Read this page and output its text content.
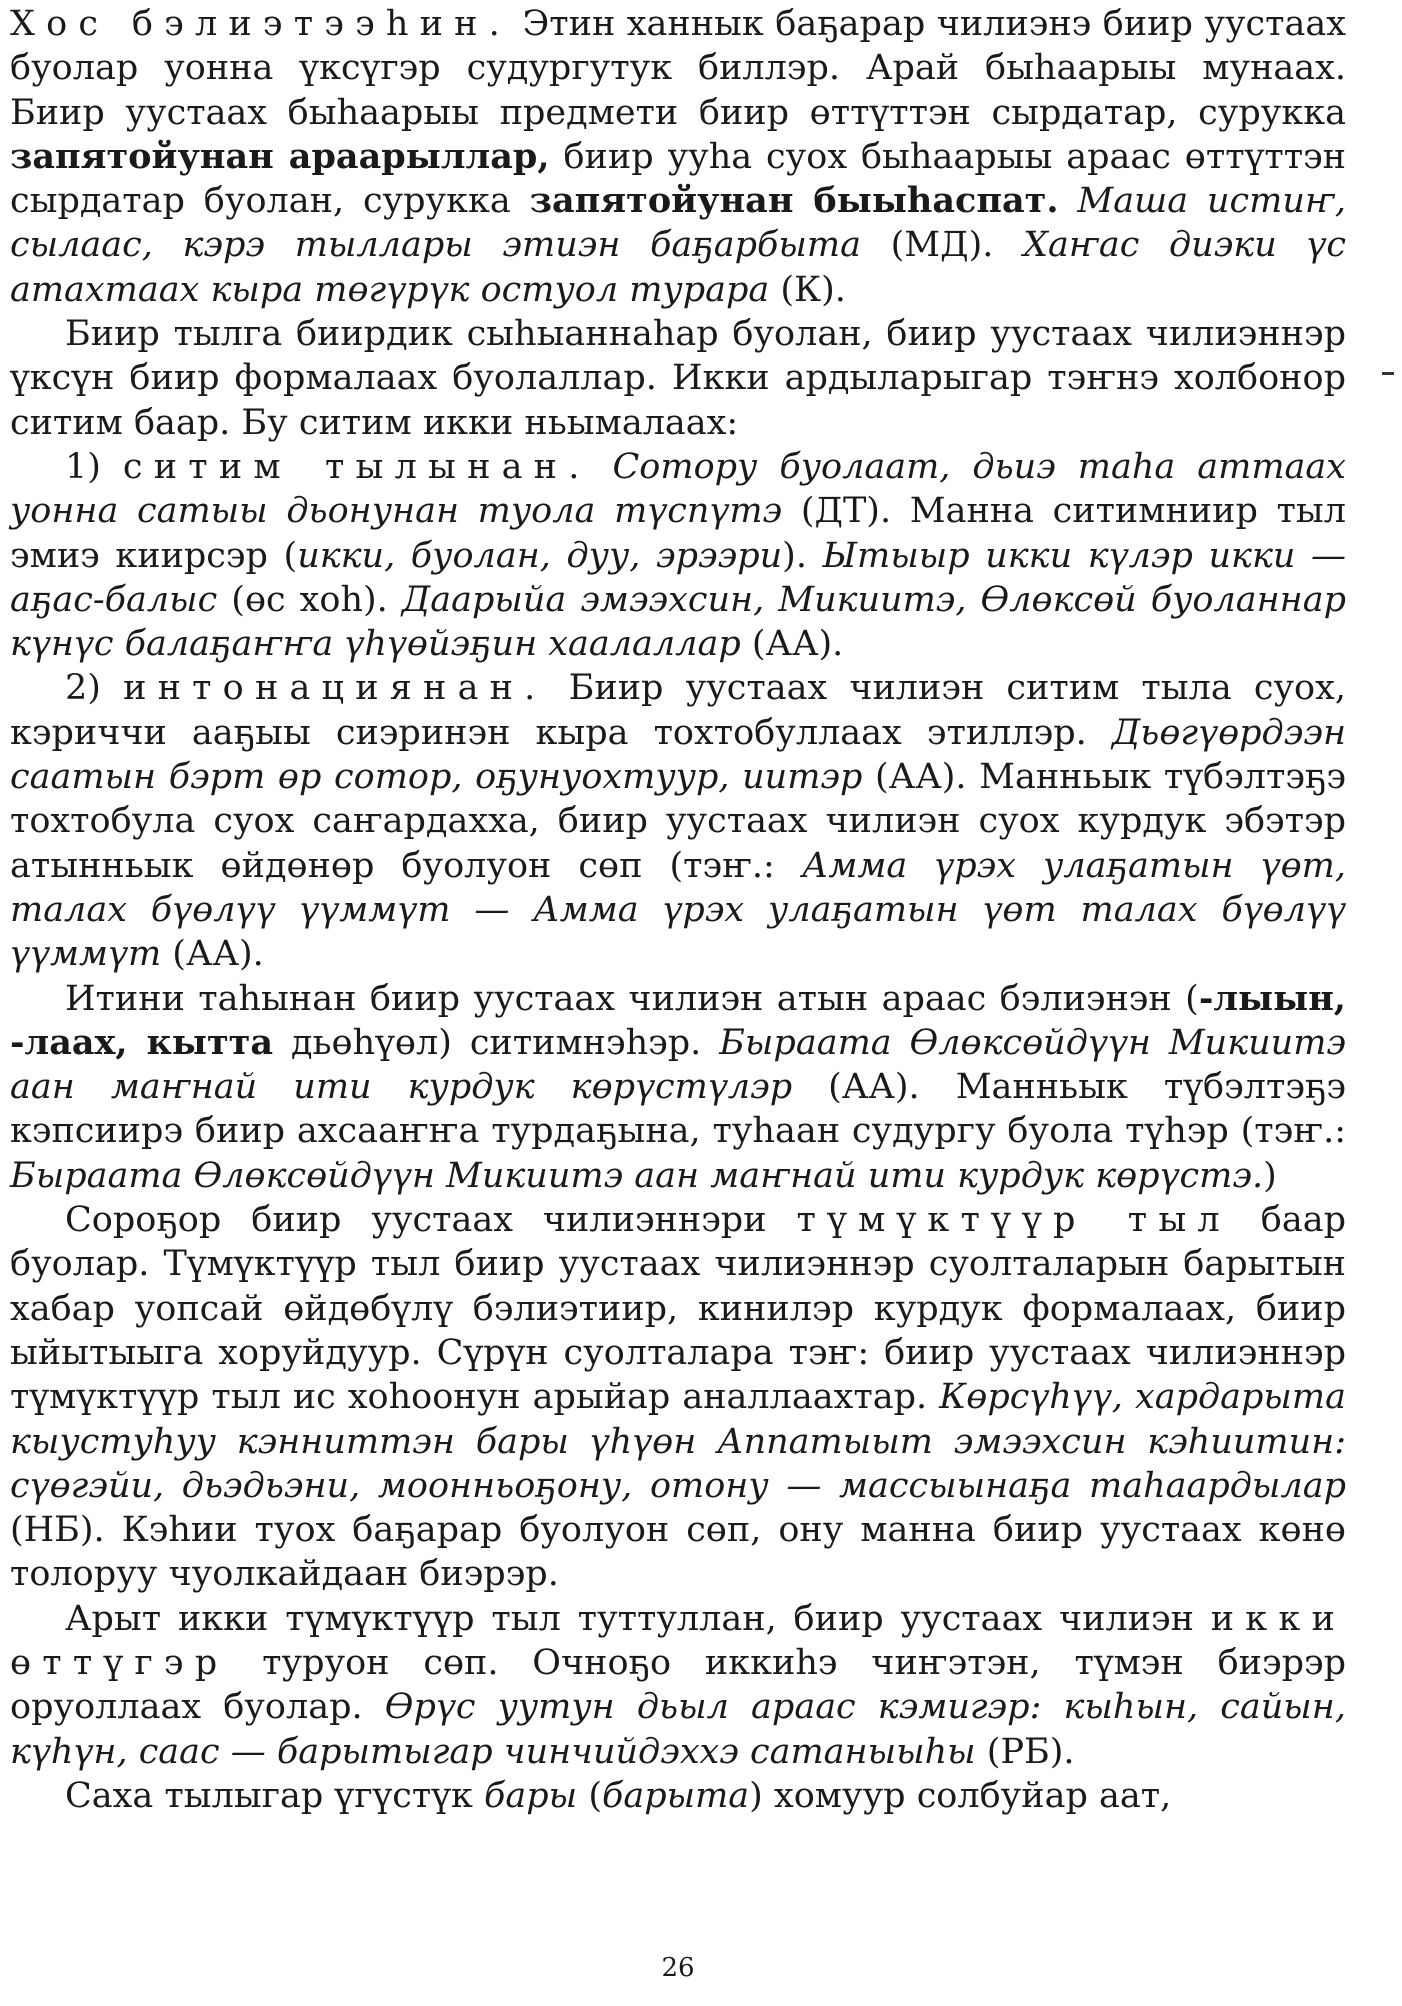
Хос бэлиэтээһин. Этин ханнык баҕарар чилиэнэ биир уустаах буолар уонна үксүгэр судургутук биллэр. Арай быһаарыы мунаах. Биир уустаах быһаарыы предмети биир өттүттэн сырдатар, сурукка запятойунан араарыллар, биир ууһа суох быһаарыы араас өттүттэн сырдатар буолан, сурукка запятойунан быыһаспат. Маша истиҥ, сылаас, кэрэ тыллары этиэн баҕарбыта (МД). Хаҥас диэки үс атахтаах кыра төгүрүк остуол турара (К).

Биир тылга биирдик сыһыаннаһар буолан, биир уустаах чилиэннэр үксүн биир формалаах буолаллар. Икки ардыларыгар тэҥнэ холбонор ситим баар. Бу ситим икки ньымалаах:

1) ситим тылынан. Сотору буолаат, дьиэ таһа аттаах уонна сатыы дьонунан туола түспүтэ (ДТ). Манна ситимниир тыл эмиэ киирсэр (икки, буолан, дуу, эрээри). Ытыыр икки күлэр икки — аҕас-балыс (өс хоһ). Даарыйа эмээхсин, Микиитэ, Өлөксөй буоланнар күнүс балаҕаҥҥа үһүөйэҕин хаалаллар (АА).

2) интонациянан. Биир уустаах чилиэн ситим тыла суох, кэриччи ааҕыы сиэринэн кыра тохтобуллаах этиллэр. Дьөгүөрдээн саатын бэрт өр сотор, оҕунуохтуур, иитэр (АА). Манньык түбэлтэҕэ тохтобула суох саҥардаххa, биир уустаах чилиэн суох курдук эбэтэр атынньык өйдөнөр буолуон сөп (тэҥ.: Амма үрэх улаҕатын үөт, талах бүөлүү үүммүт — Амма үрэх улаҕатын үөт талах бүөлүү үүммүт (АА).

Итини таһынан биир уустаах чилиэн атын араас бэлиэнэн (-лыын, -лаах, кытта дьөһүөл) ситимнэһэр. Быраата Өлөксөйдүүн Микиитэ аан маҥнай ити курдук көрүстүлэр (АА). Манньык түбэлтэҕэ кэпсиирэ биир ахсааҥҥа турдаҕына, туһаан судургу буола түһэр (тэҥ.: Быраата Өлөксөйдүүн Микиитэ аан маҥнай ити курдук көрүстэ.)

Сороҕор биир уустаах чилиэннэри түмүктүүр тыл баар буолар. Түмүктүүр тыл биир уустаах чилиэннэр суолталарын барытын хабар уопсай өйдөбүлү бэлиэтиир, кинилэр курдук формалаах, биир ыйытыыга хоруйдуур. Сүрүн суолталара тэҥ: биир уустаах чилиэннэр түмүктүүр тыл ис хоһоонун арыйар аналлаахтар. Көрсүһүү, хардарыта кыустуһуу кэнниттэн бары үһүөн Аппатыыт эмээхсин кэһиитин: сүөгэйи, дьэдьэни, моонньоҕону, отону — массыынаҕа таһаардылар (НБ). Кэһии туох баҕарар буолуон сөп, ону манна биир уустаах көнө толоруу чуолкайдаан биэрэр.

Арыт икки түмүктүүр тыл туттуллан, биир уустаах чилиэн икки өттүгэр туруон сөп. Очноҕо иккиһэ чиҥэтэн, түмэн биэрэр оруоллаах буолар. Өрүс уутун дьыл араас кэмигэр: кыһын, сайын, күһүн, саас — барытыгар чинчийдэххэ сатаныыһы (РБ).

Саха тылыгар үгүстүк бары (барыта) хомуур солбуйар аат,

26
